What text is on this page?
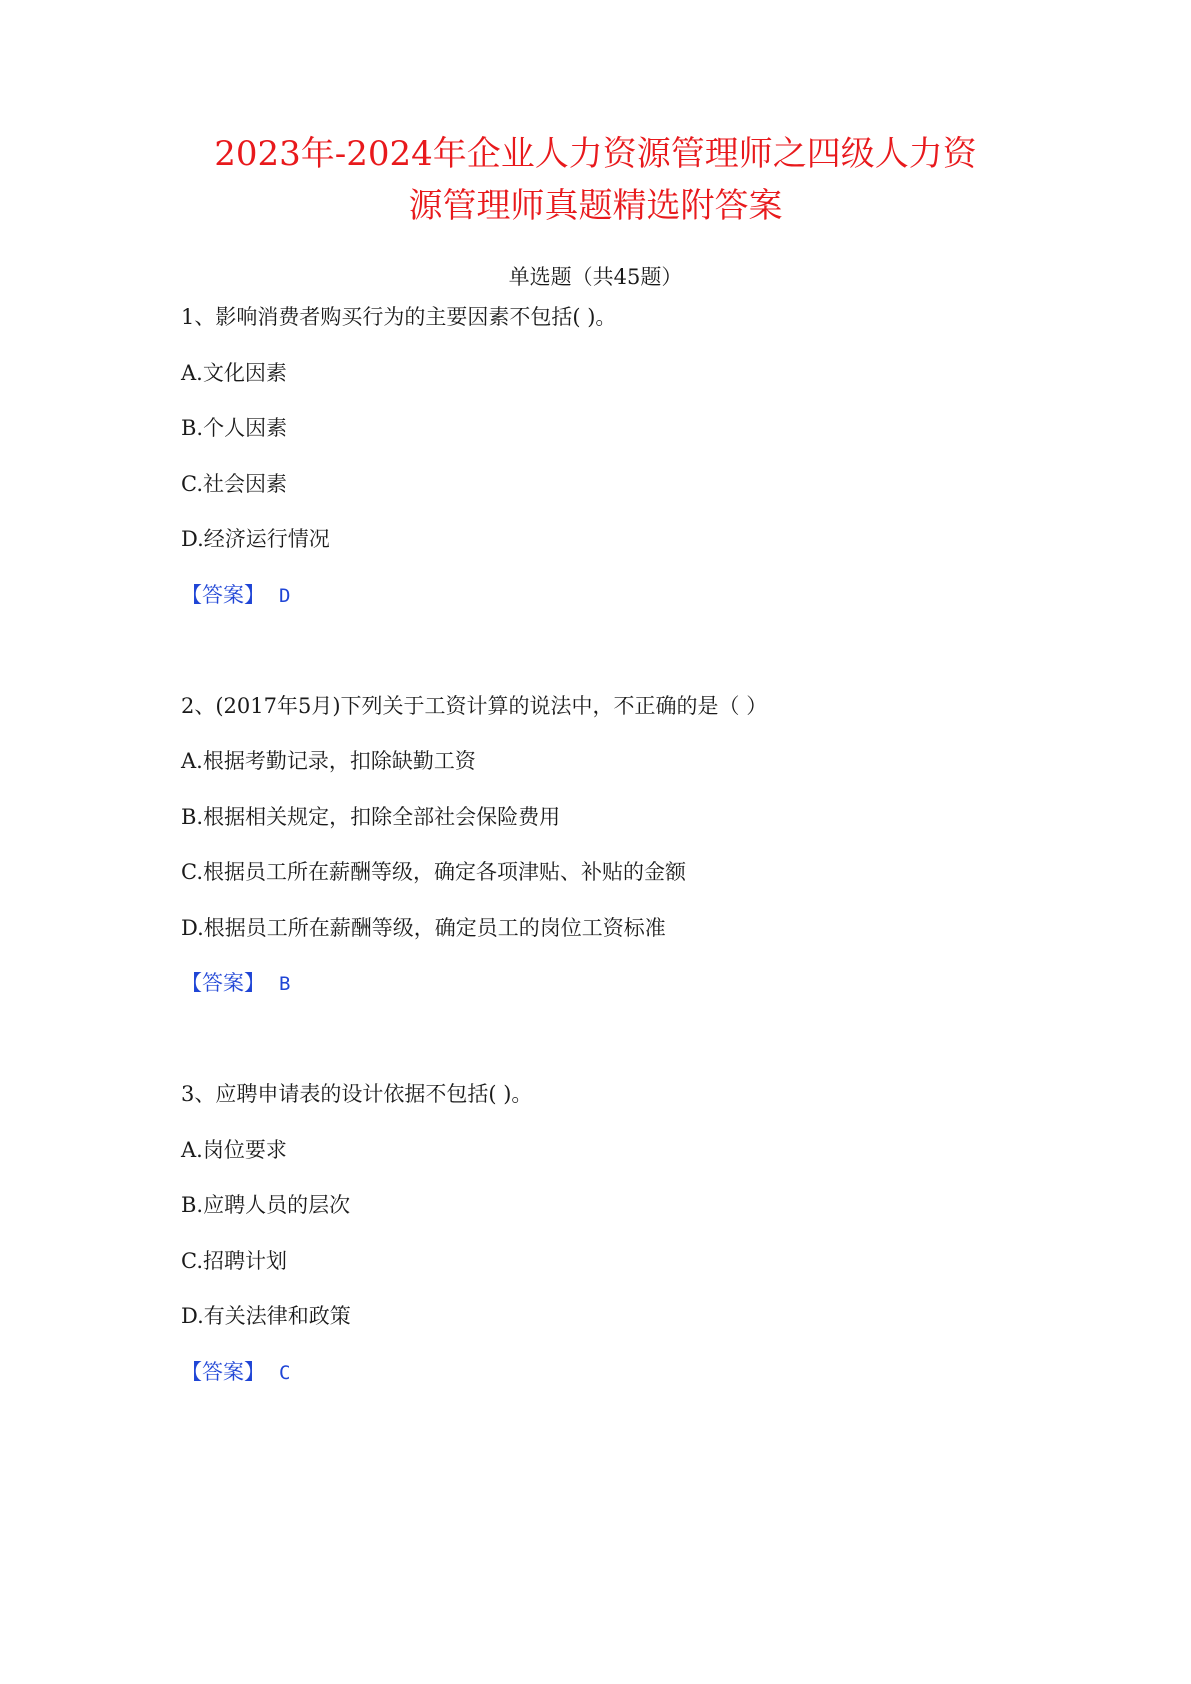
2023年-2024年企业人力资源管理师之四级人力资
源管理师真题精选附答案
单选题（共45题）
1、影响消费者购买行为的主要因素不包括( )。
A.文化因素
B.个人因素
C.社会因素
D.经济运行情况
【答案】 D
2、(2017年5月)下列关于工资计算的说法中，不正确的是（ ）
A.根据考勤记录，扣除缺勤工资
B.根据相关规定，扣除全部社会保险费用
C.根据员工所在薪酬等级，确定各项津贴、补贴的金额
D.根据员工所在薪酬等级，确定员工的岗位工资标准
【答案】 B
3、应聘申请表的设计依据不包括( )。
A.岗位要求
B.应聘人员的层次
C.招聘计划
D.有关法律和政策
【答案】 C
